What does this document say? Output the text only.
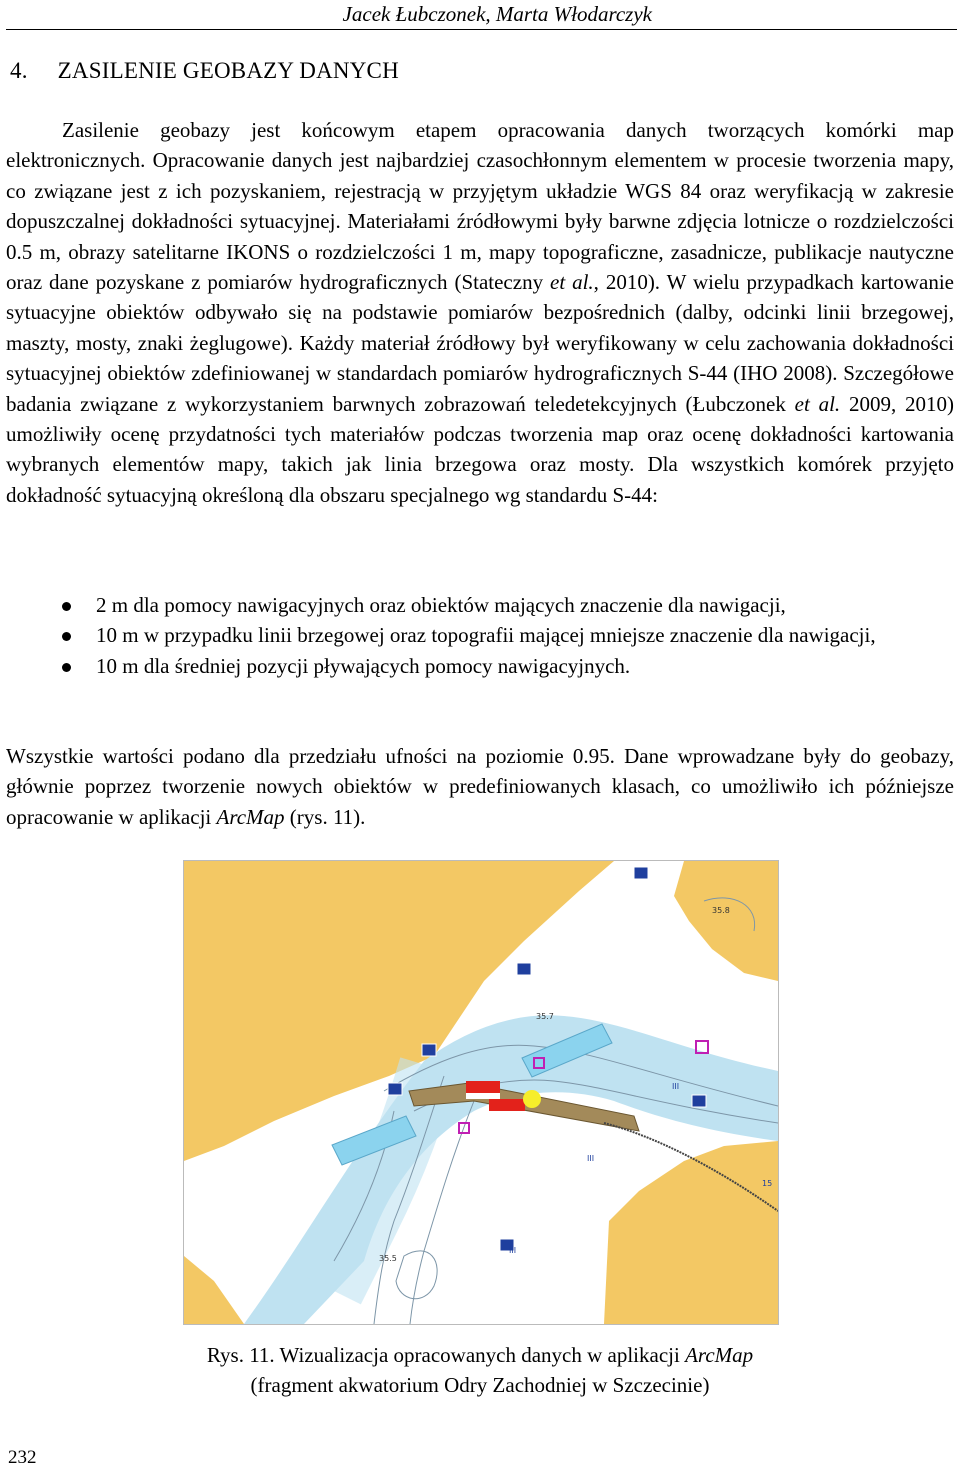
Jacek Łubczonek, Marta Włodarczyk
4. ZASILENIE GEOBAZY DANYCH
Zasilenie geobazy jest końcowym etapem opracowania danych tworzących komórki map elektronicznych. Opracowanie danych jest najbardziej czasochłonnym elementem w procesie tworzenia mapy, co związane jest z ich pozyskaniem, rejestracją w przyjętym układzie WGS 84 oraz weryfikacją w zakresie dopuszczalnej dokładności sytuacyjnej. Materiałami źródłowymi były barwne zdjęcia lotnicze o rozdzielczości 0.5 m, obrazy satelitarne IKONS o rozdzielczości 1 m, mapy topograficzne, zasadnicze, publikacje nautyczne oraz dane pozyskane z pomiarów hydrograficznych (Stateczny et al., 2010). W wielu przypadkach kartowanie sytuacyjne obiektów odbywało się na podstawie pomiarów bezpośrednich (dalby, odcinki linii brzegowej, maszty, mosty, znaki żeglugowe). Każdy materiał źródłowy był weryfikowany w celu zachowania dokładności sytuacyjnej obiektów zdefiniowanej w standardach pomiarów hydrograficznych S-44 (IHO 2008). Szczegółowe badania związane z wykorzystaniem barwnych zobrazowań teledetekcyjnych (Łubczonek et al. 2009, 2010) umożliwiły ocenę przydatności tych materiałów podczas tworzenia map oraz ocenę dokładności kartowania wybranych elementów mapy, takich jak linia brzegowa oraz mosty. Dla wszystkich komórek przyjęto dokładność sytuacyjną określoną dla obszaru specjalnego wg standardu S-44:
2 m dla pomocy nawigacyjnych oraz obiektów mających znaczenie dla nawigacji,
10 m w przypadku linii brzegowej oraz topografii mającej mniejsze znaczenie dla nawigacji,
10 m dla średniej pozycji pływających pomocy nawigacyjnych.
Wszystkie wartości podano dla przedziału ufności na poziomie 0.95. Dane wprowadzane były do geobazy, głównie poprzez tworzenie nowych obiektów w predefiniowanych klasach, co umożliwiło ich późniejsze opracowanie w aplikacji ArcMap (rys. 11).
35.8
35.7
35.5
III
III
III
15
Rys. 11. Wizualizacja opracowanych danych w aplikacji ArcMap
(fragment akwatorium Odry Zachodniej w Szczecinie)
232
